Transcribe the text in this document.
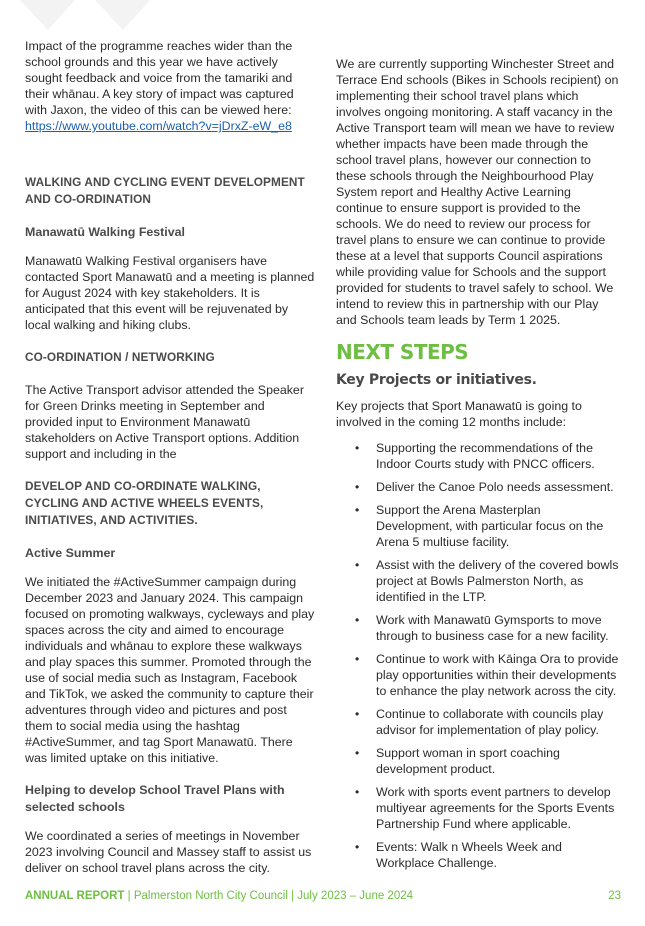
Impact of the programme reaches wider than the school grounds and this year we have actively sought feedback and voice from the tamariki and their whānau. A key story of impact was captured with Jaxon, the video of this can be viewed here: https://www.youtube.com/watch?v=jDrxZ-eW_e8

WALKING AND CYCLING EVENT DEVELOPMENT AND CO-ORDINATION
Manawatū Walking Festival

Manawatū Walking Festival organisers have contacted Sport Manawatū and a meeting is planned for August 2024 with key stakeholders. It is anticipated that this event will be rejuvenated by local walking and hiking clubs.

CO-ORDINATION / NETWORKING

The Active Transport advisor attended the Speaker for Green Drinks meeting in September and provided input to Environment Manawatū stakeholders on Active Transport options. Addition support and including in the

DEVELOP AND CO-ORDINATE WALKING, CYCLING AND ACTIVE WHEELS EVENTS, INITIATIVES, AND ACTIVITIES.
Active Summer

We initiated the #ActiveSummer campaign during December 2023 and January 2024. This campaign focused on promoting walkways, cycleways and play spaces across the city and aimed to encourage individuals and whānau to explore these walkways and play spaces this summer. Promoted through the use of social media such as Instagram, Facebook and TikTok, we asked the community to capture their adventures through video and pictures and post them to social media using the hashtag #ActiveSummer, and tag Sport Manawatū. There was limited uptake on this initiative.

Helping to develop School Travel Plans with selected schools

We coordinated a series of meetings in November 2023 involving Council and Massey staff to assist us deliver on school travel plans across the city.

We are currently supporting Winchester Street and Terrace End schools (Bikes in Schools recipient) on implementing their school travel plans which involves ongoing monitoring. A staff vacancy in the Active Transport team will mean we have to review whether impacts have been made through the school travel plans, however our connection to these schools through the Neighbourhood Play System report and Healthy Active Learning continue to ensure support is provided to the schools. We do need to review our process for travel plans to ensure we can continue to provide these at a level that supports Council aspirations while providing value for Schools and the support provided for students to travel safely to school. We intend to review this in partnership with our Play and Schools team leads by Term 1 2025.

NEXT STEPS
Key Projects or initiatives.

Key projects that Sport Manawatū is going to involved in the coming 12 months include:

• Supporting the recommendations of the Indoor Courts study with PNCC officers.
• Deliver the Canoe Polo needs assessment.
• Support the Arena Masterplan Development, with particular focus on the Arena 5 multiuse facility.
• Assist with the delivery of the covered bowls project at Bowls Palmerston North, as identified in the LTP.
• Work with Manawatū Gymsports to move through to business case for a new facility.
• Continue to work with Kāinga Ora to provide play opportunities within their developments to enhance the play network across the city.
• Continue to collaborate with councils play advisor for implementation of play policy.
• Support woman in sport coaching development product.
• Work with sports event partners to develop multiyear agreements for the Sports Events Partnership Fund where applicable.
• Events: Walk n Wheels Week and Workplace Challenge.
ANNUAL REPORT | Palmerston North City Council | July 2023 – June 2024	23
